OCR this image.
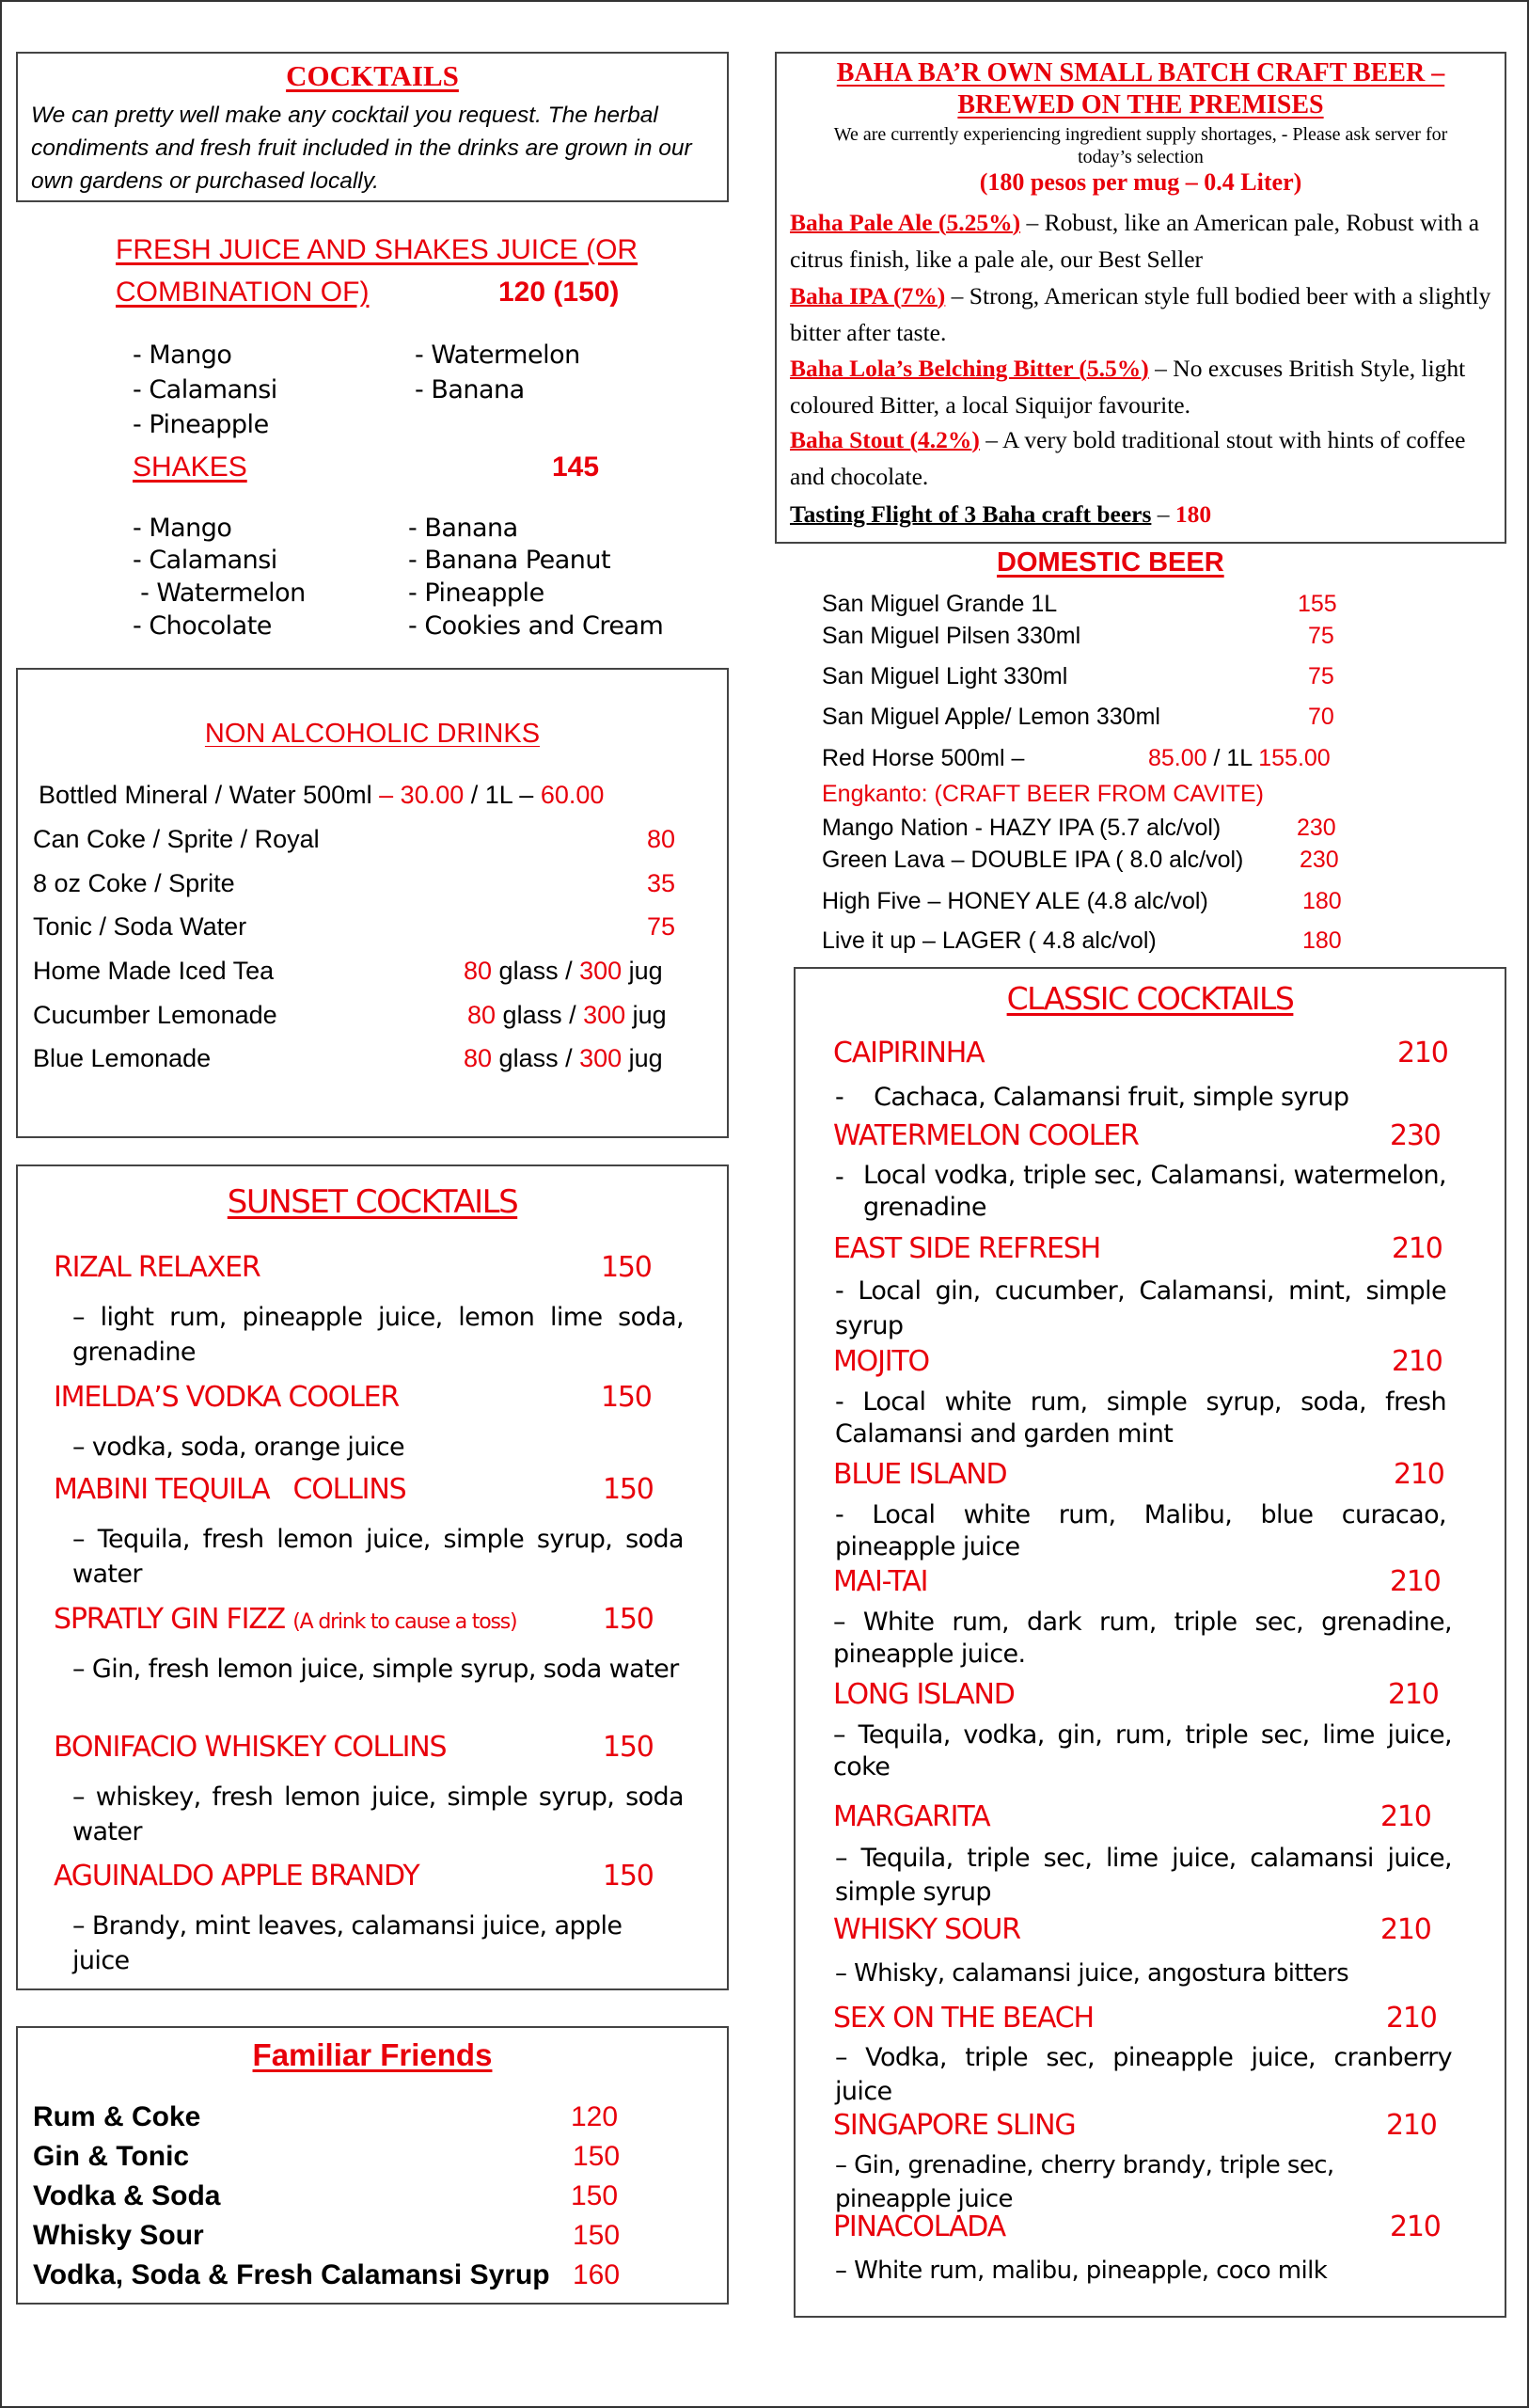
COCKTAILS
We can pretty well make any cocktail you request. The herbal condiments and fresh fruit included in the drinks are grown in our own gardens or purchased locally.
FRESH JUICE AND SHAKES JUICE (OR
COMBINATION OF)	120 (150)
- Mango
- Calamansi
- Pineapple
- Watermelon
- Banana
SHAKES	145
- Mango
- Calamansi
- Watermelon
- Chocolate
- Banana
- Banana Peanut
- Pineapple
- Cookies and Cream
NON ALCOHOLIC DRINKS
Bottled Mineral / Water 500ml – 30.00 / 1L – 60.00
Can Coke / Sprite / Royal	80
8 oz Coke / Sprite	35
Tonic / Soda Water	75
Home Made Iced Tea	80 glass / 300 jug
Cucumber Lemonade	80 glass / 300 jug
Blue Lemonade	80 glass / 300 jug
SUNSET COCKTAILS
RIZAL RELAXER	150
– light rum, pineapple juice, lemon lime soda, grenadine
IMELDA’S VODKA COOLER	150
– vodka, soda, orange juice
MABINI TEQUILA   COLLINS	150
– Tequila, fresh lemon juice, simple syrup, soda water
SPRATLY GIN FIZZ (A drink to cause a toss)	150
– Gin, fresh lemon juice, simple syrup, soda water
BONIFACIO WHISKEY COLLINS	150
– whiskey, fresh lemon juice, simple syrup, soda water
AGUINALDO APPLE BRANDY	150
– Brandy, mint leaves, calamansi juice, apple juice
Familiar Friends
Rum & Coke	120
Gin & Tonic	150
Vodka & Soda	150
Whisky Sour	150
Vodka, Soda & Fresh Calamansi Syrup 160
BAHA BA’R OWN SMALL BATCH CRAFT BEER – BREWED ON THE PREMISES
We are currently experiencing ingredient supply shortages, - Please ask server for today’s selection
(180 pesos per mug – 0.4 Liter)
Baha Pale Ale (5.25%) – Robust, like an American pale, Robust with a citrus finish, like a pale ale, our Best Seller
Baha IPA (7%) – Strong, American style full bodied beer with a slightly bitter after taste.
Baha Lola’s Belching Bitter (5.5%) – No excuses British Style, light coloured Bitter, a local Siquijor favourite.
Baha Stout (4.2%) – A very bold traditional stout with hints of coffee and chocolate.
Tasting Flight of 3 Baha craft beers – 180
DOMESTIC BEER
San Miguel Grande 1L	155
San Miguel Pilsen 330ml	75
San Miguel Light 330ml	75
San Miguel Apple/ Lemon 330ml	70
Red Horse 500ml –	85.00 / 1L 155.00
Engkanto: (CRAFT BEER FROM CAVITE)
Mango Nation - HAZY IPA (5.7 alc/vol)	230
Green Lava – DOUBLE IPA ( 8.0 alc/vol) 230
High Five – HONEY ALE (4.8 alc/vol)	180
Live it up – LAGER ( 4.8 alc/vol)	180
CLASSIC COCKTAILS
CAIPIRINHA	210
-    Cachaca, Calamansi fruit, simple syrup
WATERMELON COOLER	230
- Local vodka, triple sec, Calamansi, watermelon, grenadine
EAST SIDE REFRESH	210
- Local gin, cucumber, Calamansi, mint, simple syrup
MOJITO	210
- Local white rum, simple syrup, soda, fresh Calamansi and garden mint
BLUE ISLAND	210
- Local white rum, Malibu, blue curacao, pineapple juice
MAI-TAI	210
– White rum, dark rum, triple sec, grenadine, pineapple juice.
LONG ISLAND	210
– Tequila, vodka, gin, rum, triple sec, lime juice, coke
MARGARITA	210
– Tequila, triple sec, lime juice, calamansi juice, simple syrup
WHISKY SOUR	210
– Whisky, calamansi juice, angostura bitters
SEX ON THE BEACH	210
– Vodka, triple sec, pineapple juice, cranberry juice
SINGAPORE SLING	210
– Gin, grenadine, cherry brandy, triple sec, pineapple juice
PINACOLADA	210
– White rum, malibu, pineapple, coco milk
